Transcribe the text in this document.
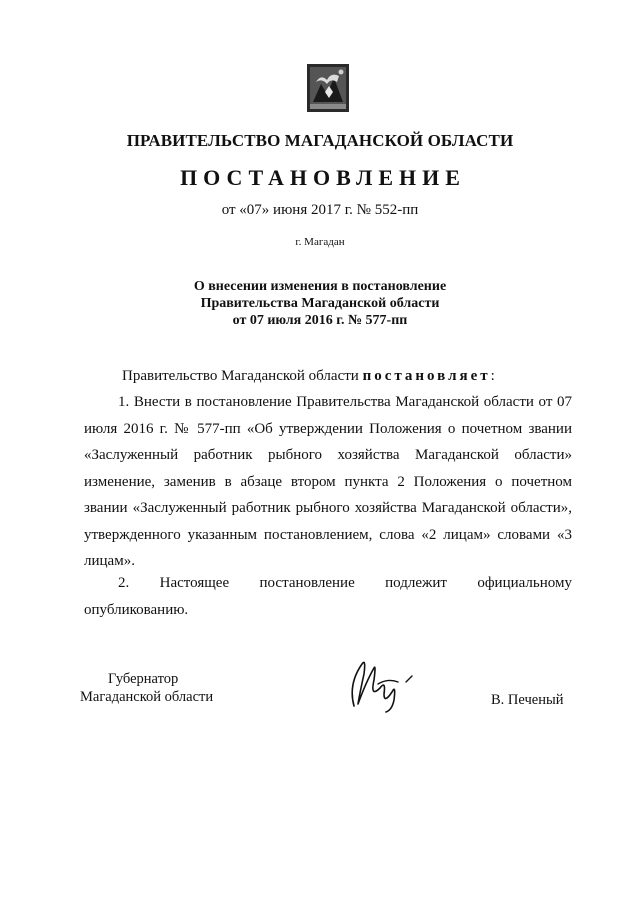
ПРАВИТЕЛЬСТВО МАГАДАНСКОЙ ОБЛАСТИ
ПОСТАНОВЛЕНИЕ
от «07» июня 2017 г. № 552-пп
г. Магадан
О внесении изменения в постановление
Правительства Магаданской области
от 07 июля 2016 г. № 577-пп
Правительство Магаданской области постановляет:
1. Внести в постановление Правительства Магаданской области от 07 июля 2016 г. № 577-пп «Об утверждении Положения о почетном звании «Заслуженный работник рыбного хозяйства Магаданской области» изменение, заменив в абзаце втором пункта 2 Положения о почетном звании «Заслуженный работник рыбного хозяйства Магаданской области», утвержденного указанным постановлением, слова «2 лицам» словами «3 лицам».
2. Настоящее постановление подлежит официальному опубликованию.
Губернатор
Магаданской области	В. Печеный
